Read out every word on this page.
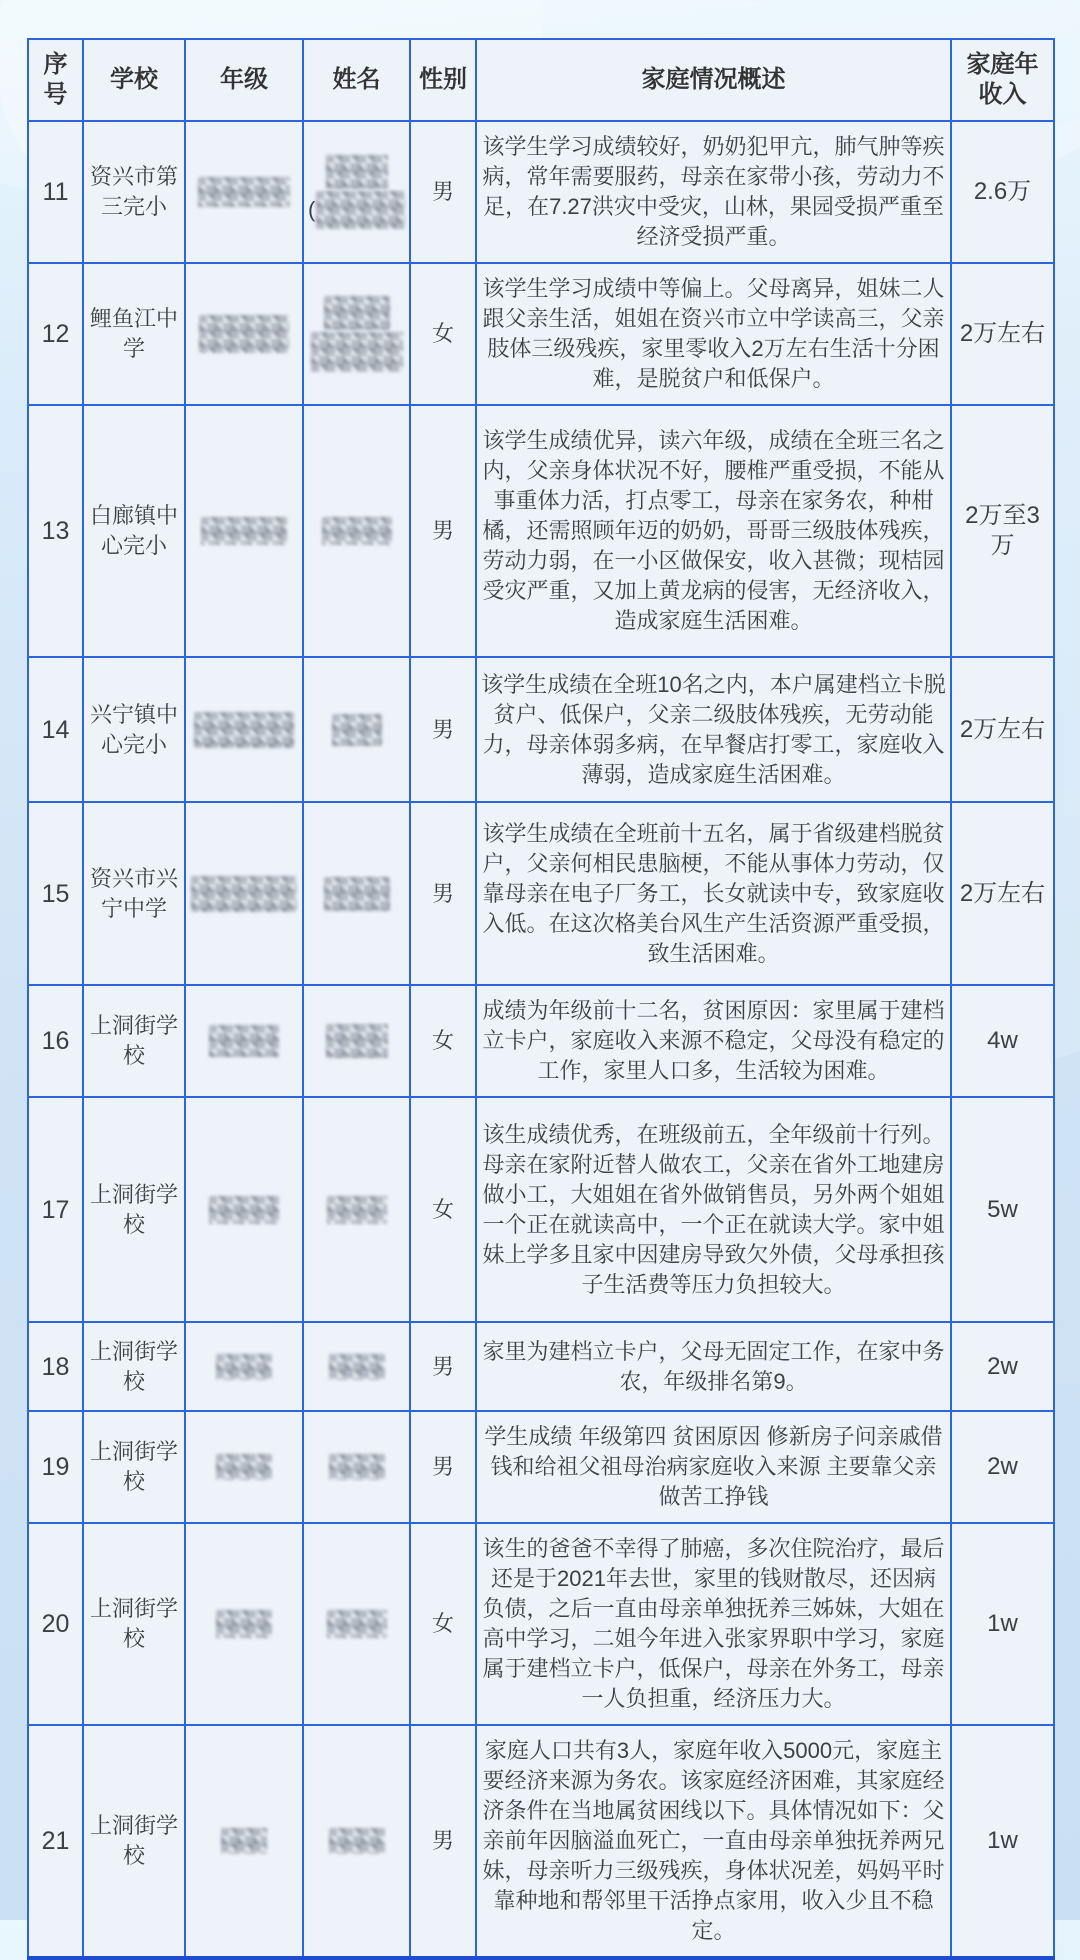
序号	学校	年级	姓名	性别	家庭情况概述	家庭年收入
11	资兴市第三完小		(	男	该学生学习成绩较好，奶奶犯甲亢，肺气肿等疾病，常年需要服药，母亲在家带小孩，劳动力不足，在7.27洪灾中受灾，山林，果园受损严重至经济受损严重。	2.6万
12	鲤鱼江中学			女	该学生学习成绩中等偏上。父母离异，姐妹二人跟父亲生活，姐姐在资兴市立中学读高三，父亲肢体三级残疾，家里零收入2万左右生活十分困难，是脱贫户和低保户。	2万左右
13	白廊镇中心完小			男	该学生成绩优异，读六年级，成绩在全班三名之内，父亲身体状况不好，腰椎严重受损，不能从事重体力活，打点零工，母亲在家务农，种柑橘，还需照顾年迈的奶奶，哥哥三级肢体残疾，劳动力弱，在一小区做保安，收入甚微；现桔园受灾严重，又加上黄龙病的侵害，无经济收入，造成家庭生活困难。	2万至3万
14	兴宁镇中心完小			男	该学生成绩在全班10名之内，本户属建档立卡脱贫户、低保户，父亲二级肢体残疾，无劳动能力，母亲体弱多病，在早餐店打零工，家庭收入薄弱，造成家庭生活困难。	2万左右
15	资兴市兴宁中学			男	该学生成绩在全班前十五名，属于省级建档脱贫户，父亲何相民患脑梗，不能从事体力劳动，仅靠母亲在电子厂务工，长女就读中专，致家庭收入低。在这次格美台风生产生活资源严重受损，致生活困难。	2万左右
16	上洞街学校			女	成绩为年级前十二名，贫困原因：家里属于建档立卡户，家庭收入来源不稳定，父母没有稳定的工作，家里人口多，生活较为困难。	4w
17	上洞街学校			女	该生成绩优秀，在班级前五，全年级前十行列。母亲在家附近替人做农工，父亲在省外工地建房做小工，大姐姐在省外做销售员，另外两个姐姐一个正在就读高中，一个正在就读大学。家中姐妹上学多且家中因建房导致欠外债，父母承担孩子生活费等压力负担较大。	5w
18	上洞街学校			男	家里为建档立卡户，父母无固定工作，在家中务农，年级排名第9。	2w
19	上洞街学校			男	学生成绩 年级第四 贫困原因 修新房子问亲戚借钱和给祖父祖母治病家庭收入来源 主要靠父亲做苦工挣钱	2w
20	上洞街学校			女	该生的爸爸不幸得了肺癌，多次住院治疗，最后还是于2021年去世，家里的钱财散尽，还因病负债，之后一直由母亲单独抚养三姊妹，大姐在高中学习，二姐今年进入张家界职中学习，家庭属于建档立卡户，低保户，母亲在外务工，母亲一人负担重，经济压力大。	1w
21	上洞街学校			男	家庭人口共有3人，家庭年收入5000元，家庭主要经济来源为务农。该家庭经济困难，其家庭经济条件在当地属贫困线以下。具体情况如下：父亲前年因脑溢血死亡，一直由母亲单独抚养两兄妹，母亲听力三级残疾，身体状况差，妈妈平时靠种地和帮邻里干活挣点家用，收入少且不稳定。	1w
